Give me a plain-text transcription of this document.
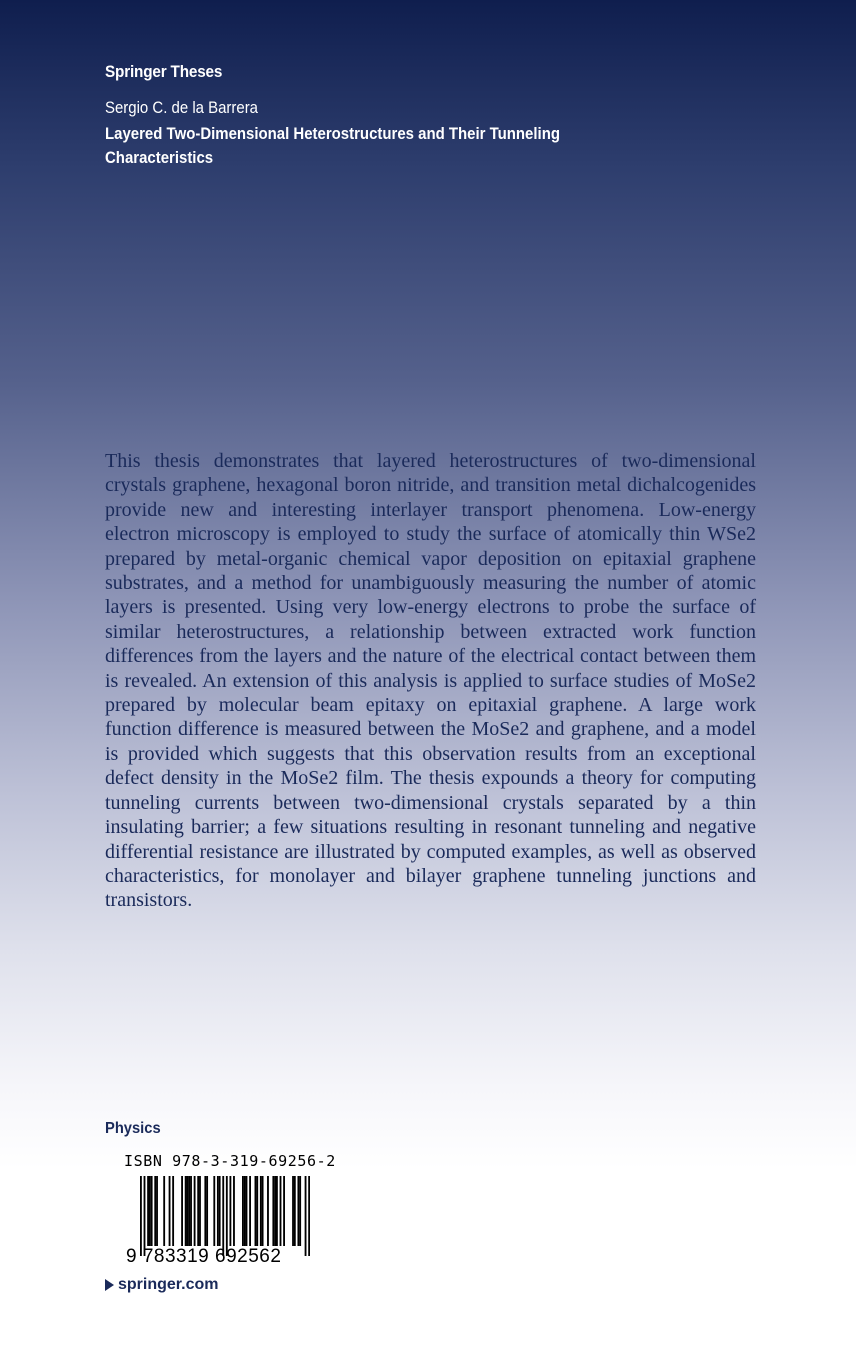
Springer Theses
Sergio C. de la Barrera
Layered Two-Dimensional Heterostructures and Their Tunneling Characteristics

This thesis demonstrates that layered heterostructures of two-dimensional crystals graphene, hexagonal boron nitride, and transition metal dichalcogenides provide new and interesting interlayer transport phenomena. Low-energy electron microscopy is employed to study the surface of atomically thin WSe2 prepared by metal-organic chemical vapor deposition on epitaxial graphene substrates, and a method for unambiguously measuring the number of atomic layers is presented. Using very low-energy electrons to probe the surface of similar heterostructures, a relationship between extracted work function differences from the layers and the nature of the electrical contact between them is revealed. An extension of this analysis is applied to surface studies of MoSe2 prepared by molecular beam epitaxy on epitaxial graphene. A large work function difference is measured between the MoSe2 and graphene, and a model is provided which suggests that this observation results from an exceptional defect density in the MoSe2 film. The thesis expounds a theory for computing tunneling currents between two-dimensional crystals separated by a thin insulating barrier; a few situations resulting in resonant tunneling and negative differential resistance are illustrated by computed examples, as well as observed characteristics, for monolayer and bilayer graphene tunneling junctions and transistors.

Physics
ISBN 978-3-319-69256-2
9 783319 692562
springer.com
